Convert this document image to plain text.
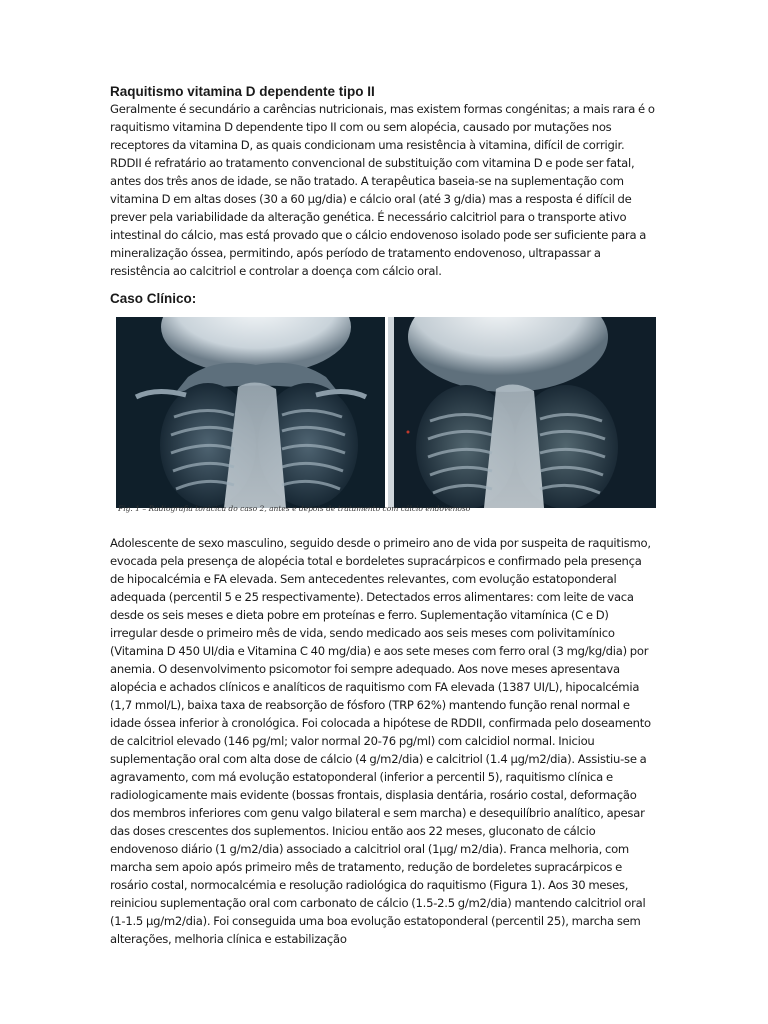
Raquitismo vitamina D dependente tipo II

Geralmente é secundário a carências nutricionais, mas existem formas congénitas; a mais rara é o raquitismo vitamina D dependente tipo II com ou sem alopécia, causado por mutações nos receptores da vitamina D, as quais condicionam uma resistência à vitamina, difícil de corrigir. RDDII é refratário ao tratamento convencional de substituição com vitamina D e pode ser fatal, antes dos três anos de idade, se não tratado. A terapêutica baseia-se na suplementação com vitamina D em altas doses (30 a 60 µg/dia) e cálcio oral (até 3 g/dia) mas a resposta é difícil de prever pela variabilidade da alteração genética. É necessário calcitriol para o transporte ativo intestinal do cálcio, mas está provado que o cálcio endovenoso isolado pode ser suficiente para a mineralização óssea, permitindo, após período de tratamento endovenoso, ultrapassar a resistência ao calcitriol e controlar a doença com cálcio oral.

Caso Clínico:
Fig. 1 – Radiografia torácica do caso 2, antes e depois de tratamento com cálcio endovenoso

Adolescente de sexo masculino, seguido desde o primeiro ano de vida por suspeita de raquitismo, evocada pela presença de alopécia total e bordeletes supracárpicos e confirmado pela presença de hipocalcémia e FA elevada. Sem antecedentes relevantes, com evolução estatoponderal adequada (percentil 5 e 25 respectivamente). Detectados erros alimentares: com leite de vaca desde os seis meses e dieta pobre em proteínas e ferro. Suplementação vitamínica (C e D) irregular desde o primeiro mês de vida, sendo medicado aos seis meses com polivitamínico (Vitamina D 450 UI/dia e Vitamina C 40 mg/dia) e aos sete meses com ferro oral (3 mg/kg/dia) por anemia. O desenvolvimento psicomotor foi sempre adequado. Aos nove meses apresentava alopécia e achados clínicos e analíticos de raquitismo com FA elevada (1387 UI/L), hipocalcémia (1,7 mmol/L), baixa taxa de reabsorção de fósforo (TRP 62%) mantendo função renal normal e idade óssea inferior à cronológica. Foi colocada a hipótese de RDDII, confirmada pelo doseamento de calcitriol elevado (146 pg/ml; valor normal 20-76 pg/ml) com calcidiol normal. Iniciou suplementação oral com alta dose de cálcio (4 g/m2/dia) e calcitriol (1.4 µg/m2/dia). Assistiu-se a agravamento, com má evolução estatoponderal (inferior a percentil 5), raquitismo clínica e radiologicamente mais evidente (bossas frontais, displasia dentária, rosário costal, deformação dos membros inferiores com genu valgo bilateral e sem marcha) e desequilíbrio analítico, apesar das doses crescentes dos suplementos. Iniciou então aos 22 meses, gluconato de cálcio endovenoso diário (1 g/m2/dia) associado a calcitriol oral (1µg/ m2/dia). Franca melhoria, com marcha sem apoio após primeiro mês de tratamento, redução de bordeletes supracárpicos e rosário costal, normocalcémia e resolução radiológica do raquitismo (Figura 1). Aos 30 meses, reiniciou suplementação oral com carbonato de cálcio (1.5-2.5 g/m2/dia) mantendo calcitriol oral (1-1.5 µg/m2/dia). Foi conseguida uma boa evolução estatoponderal (percentil 25), marcha sem alterações, melhoria clínica e estabilização
